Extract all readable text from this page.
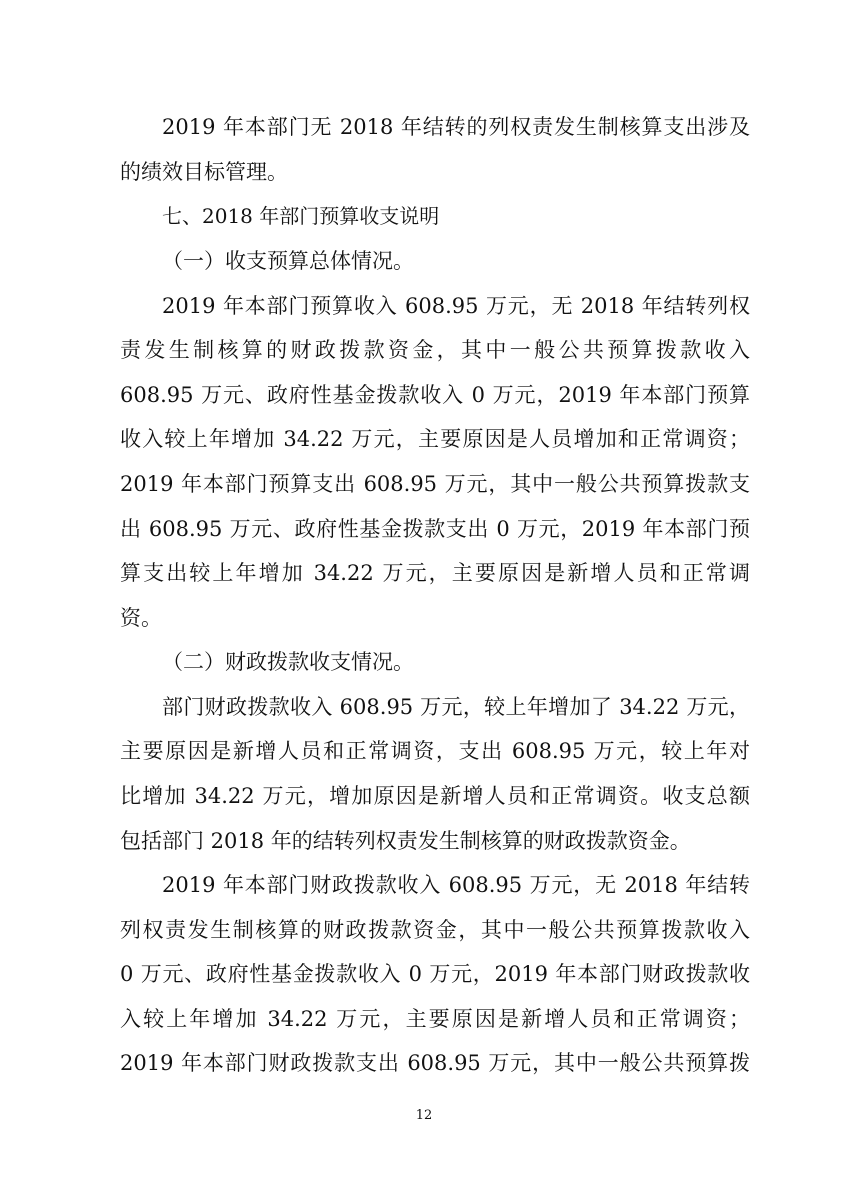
2019 年本部门无 2018 年结转的列权责发生制核算支出涉及
的绩效目标管理。
七、2018 年部门预算收支说明
（一）收支预算总体情况。
2019 年本部门预算收入 608.95 万元，无 2018 年结转列权
责发生制核算的财政拨款资金，其中一般公共预算拨款收入
608.95 万元、政府性基金拨款收入 0 万元，2019 年本部门预算
收入较上年增加 34.22 万元，主要原因是人员增加和正常调资；
2019 年本部门预算支出 608.95 万元，其中一般公共预算拨款支
出 608.95 万元、政府性基金拨款支出 0 万元，2019 年本部门预
算支出较上年增加 34.22 万元，主要原因是新增人员和正常调
资。
（二）财政拨款收支情况。
部门财政拨款收入 608.95 万元，较上年增加了 34.22 万元，
主要原因是新增人员和正常调资，支出 608.95 万元，较上年对
比增加 34.22 万元，增加原因是新增人员和正常调资。收支总额
包括部门 2018 年的结转列权责发生制核算的财政拨款资金。
2019 年本部门财政拨款收入 608.95 万元，无 2018 年结转
列权责发生制核算的财政拨款资金，其中一般公共预算拨款收入
0 万元、政府性基金拨款收入 0 万元，2019 年本部门财政拨款收
入较上年增加 34.22 万元，主要原因是新增人员和正常调资；
2019 年本部门财政拨款支出 608.95 万元，其中一般公共预算拨
12
